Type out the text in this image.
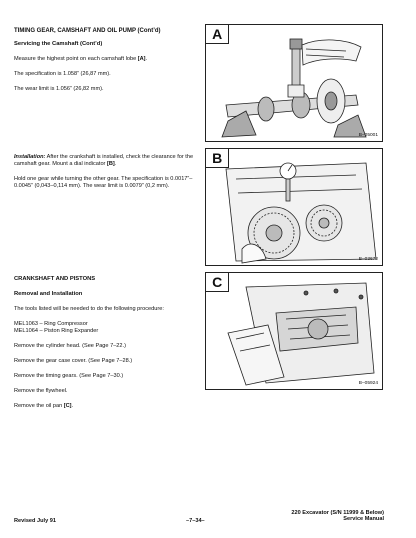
TIMING GEAR, CAMSHAFT AND OIL PUMP (Cont’d)

Servicing the Camshaft (Cont’d)

Measure the highest point on each camshaft lobe [A].

The specification is 1.058” (26,87 mm).

The wear limit is 1.056” (26,82 mm).

Installation: After the crankshaft is installed, check the clearance for the camshaft gear. Mount a dial indicator [B].

Hold one gear while turning the other gear. The specification is 0.0017”–0.0045” (0,043–0,114 mm). The wear limit is 0.0079” (0,2 mm).

CRANKSHAFT AND PISTONS

Removal and Installation

The tools listed will be needed to do the following procedure:

MEL1063 – Ring Compressor
MEL1064 – Piston Ring Expander

Remove the cylinder head. (See Page 7–22.)

Remove the gear case cover. (See Page 7–28.)

Remove the timing gears. (See Page 7–30.)

Remove the flywheel.

Remove the oil pan [C].

A
B–05001
B
B–03672
C
B–05924
Revised July 91	–7–34–
220 Excavator (S/N 11999 & Below)
Service Manual
